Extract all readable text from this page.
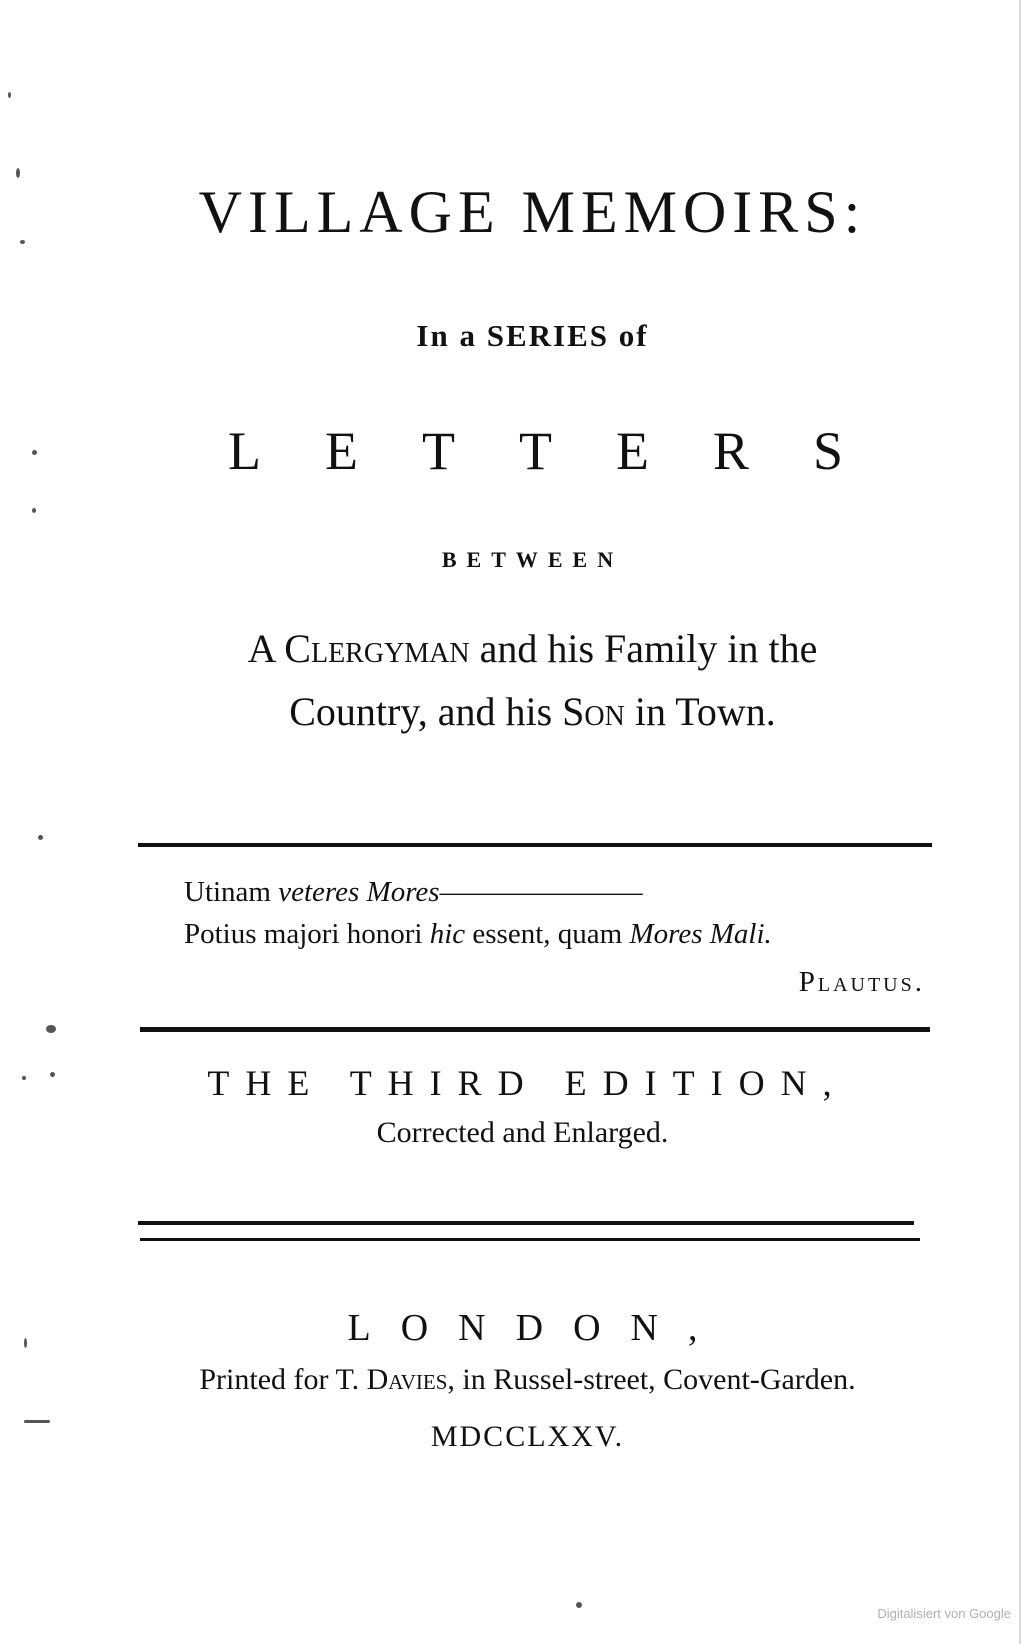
VILLAGE MEMOIRS:
In a SERIES of
LETTERS
BETWEEN
A Clergyman and his Family in the
Country, and his Son in Town.
Utinam veteres Mores———————
Potius majori honori hic essent, quam Mores Mali.
Plautus.
THE THIRD EDITION,
Corrected and Enlarged.
LONDON,
Printed for T. Davies, in Russel-street, Covent-Garden.
MDCCLXXV.
Digitalisiert von Google
